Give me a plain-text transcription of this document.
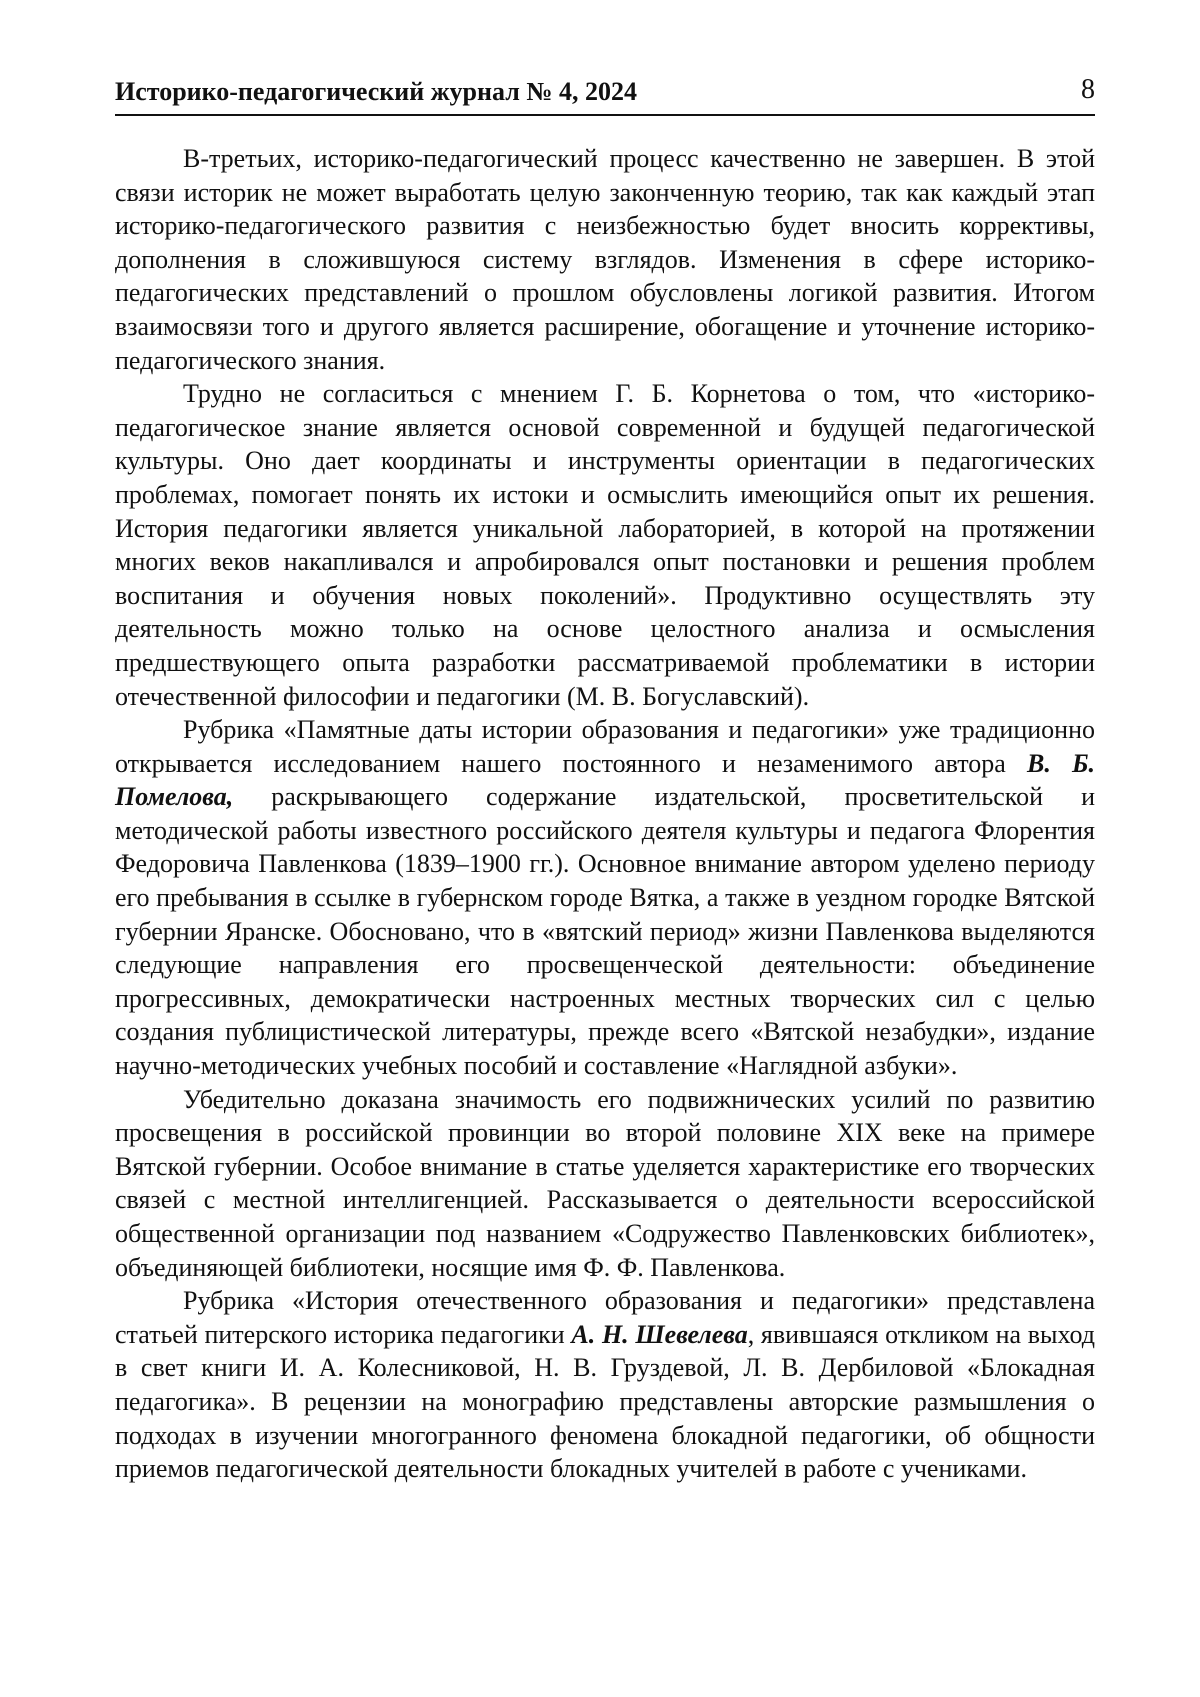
Историко-педагогический журнал № 4, 2024	8

В-третьих, историко-педагогический процесс качественно не завершен. В этой связи историк не может выработать целую законченную теорию, так как каждый этап историко-педагогического развития с неизбежностью будет вносить коррективы, дополнения в сложившуюся систему взглядов. Изменения в сфере историко-педагогических представлений о прошлом обусловлены логикой развития. Итогом взаимосвязи того и другого является расширение, обогащение и уточнение историко-педагогического знания.

Трудно не согласиться с мнением Г. Б. Корнетова о том, что «историко-педагогическое знание является основой современной и будущей педагогической культуры. Оно дает координаты и инструменты ориентации в педагогических проблемах, помогает понять их истоки и осмыслить имеющийся опыт их решения. История педагогики является уникальной лабораторией, в которой на протяжении многих веков накапливался и апробировался опыт постановки и решения проблем воспитания и обучения новых поколений». Продуктивно осуществлять эту деятельность можно только на основе целостного анализа и осмысления предшествующего опыта разработки рассматриваемой проблематики в истории отечественной философии и педагогики (М. В. Богуславский).

Рубрика «Памятные даты истории образования и педагогики» уже традиционно открывается исследованием нашего постоянного и незаменимого автора В. Б. Помелова, раскрывающего содержание издательской, просветительской и методической работы известного российского деятеля культуры и педагога Флорентия Федоровича Павленкова (1839–1900 гг.). Основное внимание автором уделено периоду его пребывания в ссылке в губернском городе Вятка, а также в уездном городке Вятской губернии Яранске. Обосновано, что в «вятский период» жизни Павленкова выделяются следующие направления его просвещенческой деятельности: объединение прогрессивных, демократически настроенных местных творческих сил с целью создания публицистической литературы, прежде всего «Вятской незабудки», издание научно-методических учебных пособий и составление «Наглядной азбуки».

Убедительно доказана значимость его подвижнических усилий по развитию просвещения в российской провинции во второй половине XIX веке на примере Вятской губернии. Особое внимание в статье уделяется характеристике его творческих связей с местной интеллигенцией. Рассказывается о деятельности всероссийской общественной организации под названием «Содружество Павленковских библиотек», объединяющей библиотеки, носящие имя Ф. Ф. Павленкова.

Рубрика «История отечественного образования и педагогики» представлена статьей питерского историка педагогики А. Н. Шевелева, явившаяся откликом на выход в свет книги И. А. Колесниковой, Н. В. Груздевой, Л. В. Дербиловой «Блокадная педагогика». В рецензии на монографию представлены авторские размышления о подходах в изучении многогранного феномена блокадной педагогики, об общности приемов педагогической деятельности блокадных учителей в работе с учениками.
